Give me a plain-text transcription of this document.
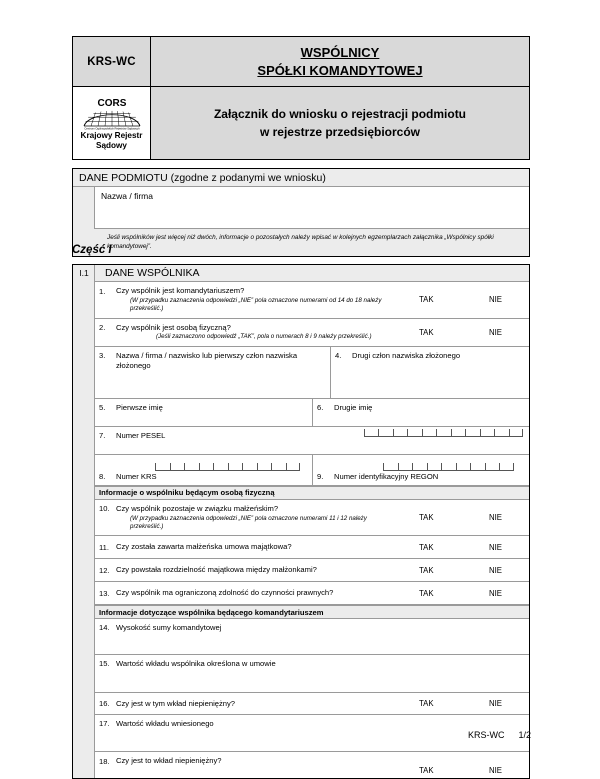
KRS-WC
WSPÓLNICY
SPÓŁKI KOMANDYTOWEJ
CORS
Centrum Ogólnopolskich Rejestrów Sądowych
Krajowy Rejestr
Sądowy
Załącznik do wniosku o rejestracji podmiotu
w rejestrze przedsiębiorców
DANE PODMIOTU (zgodne z podanymi we wniosku)
Nazwa / firma
Jeśli wspólników jest więcej niż dwóch, informacje o pozostałych należy wpisać w kolejnych egzemplarzach załącznika „Wspólnicy spółki komandytowej”.
Część I
I.1	DANE WSPÓLNIKA
1.	Czy wspólnik jest komandytariuszem?
(W przypadku zaznaczenia odpowiedzi „NIE” pola oznaczone numerami od 14 do 18 należy przekreślić.)
TAK	NIE
2.	Czy wspólnik jest osobą fizyczną?
(Jeśli zaznaczono odpowiedź „TAK”, pola o numerach 8 i 9 należy przekreślić.)
TAK	NIE
3.	Nazwa / firma / nazwisko lub pierwszy człon nazwiska złożonego
4.	Drugi człon nazwiska złożonego
5.	Pierwsze imię	6.	Drugie imię
7.	Numer PESEL
8.	Numer KRS	9.	Numer identyfikacyjny REGON
Informacje o wspólniku będącym osobą fizyczną
10. Czy wspólnik pozostaje w związku małżeńskim?
(W przypadku zaznaczenia odpowiedzi „NIE” pola oznaczone numerami 11 i 12 należy przekreślić.)
TAK	NIE
11. Czy została zawarta małżeńska umowa majątkowa?	TAK	NIE
12. Czy powstała rozdzielność majątkowa między małżonkami?	TAK	NIE
13. Czy wspólnik ma ograniczoną zdolność do czynności prawnych?	TAK	NIE
Informacje dotyczące wspólnika będącego komandytariuszem
14. Wysokość sumy komandytowej
15. Wartość wkładu wspólnika określona w umowie
16. Czy jest w tym wkład niepieniężny?	TAK	NIE
17. Wartość wkładu wniesionego
18. Czy jest to wkład niepieniężny?
TAK	NIE
KRS-WC 1/2
